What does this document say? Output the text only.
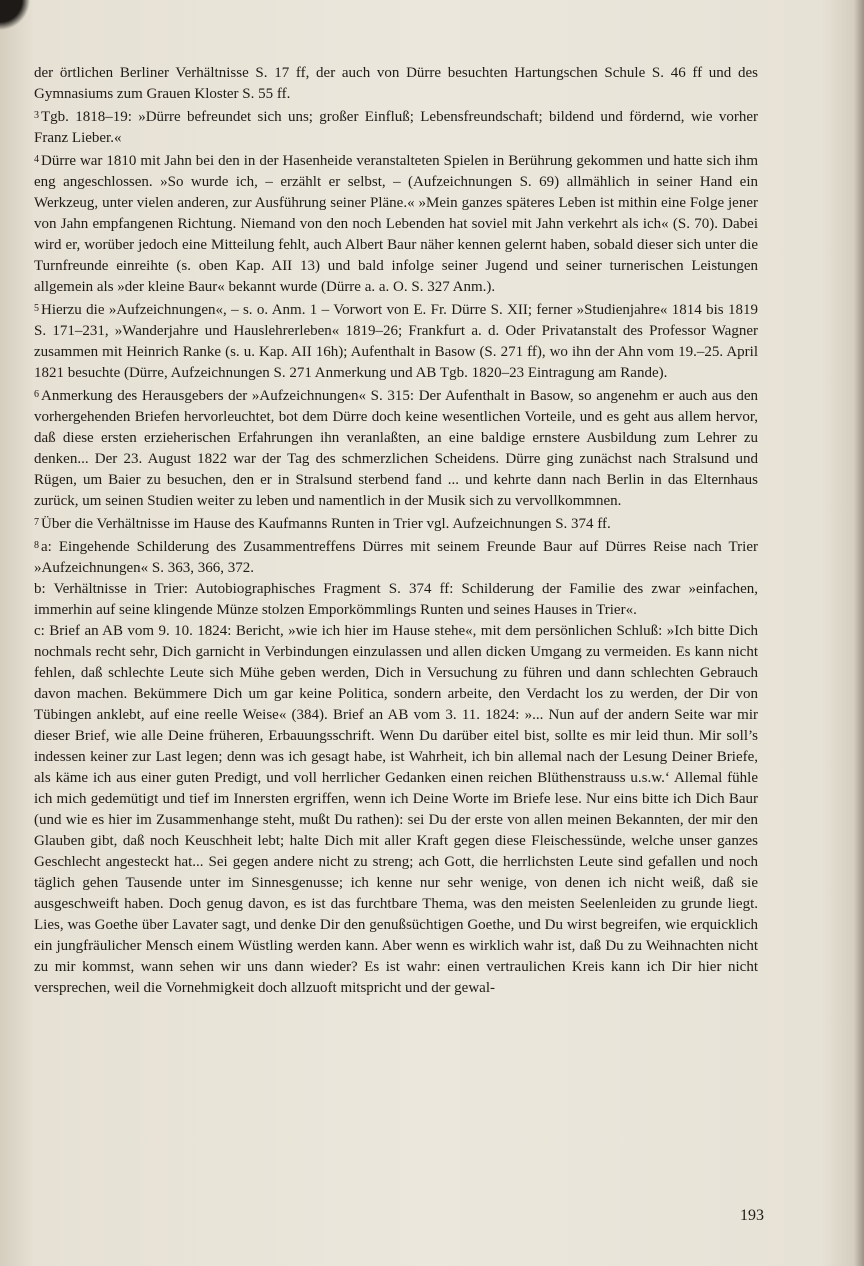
der örtlichen Berliner Verhältnisse S. 17 ff, der auch von Dürre besuchten Hartungschen Schule S. 46 ff und des Gymnasiums zum Grauen Kloster S. 55 ff.

$^3$ Tgb. 1818–19: »Dürre befreundet sich uns; großer Einfluß; Lebensfreundschaft; bildend und fördernd, wie vorher Franz Lieber.«

$^4$ Dürre war 1810 mit Jahn bei den in der Hasenheide veranstalteten Spielen in Berührung gekommen und hatte sich ihm eng angeschlossen. »So wurde ich, – erzählt er selbst, – (Aufzeichnungen S. 69) allmählich in seiner Hand ein Werkzeug, unter vielen anderen, zur Ausführung seiner Pläne.« »Mein ganzes späteres Leben ist mithin eine Folge jener von Jahn empfangenen Richtung. Niemand von den noch Lebenden hat soviel mit Jahn verkehrt als ich« (S. 70). Dabei wird er, worüber jedoch eine Mitteilung fehlt, auch Albert Baur näher kennen gelernt haben, sobald dieser sich unter die Turnfreunde einreihte (s. oben Kap. AII 13) und bald infolge seiner Jugend und seiner turnerischen Leistungen allgemein als »der kleine Baur« bekannt wurde (Dürre a. a. O. S. 327 Anm.).

$^5$ Hierzu die »Aufzeichnungen«, – s. o. Anm. 1 – Vorwort von E. Fr. Dürre S. XII; ferner »Studienjahre« 1814 bis 1819 S. 171–231, »Wanderjahre und Hauslehrerleben« 1819–26; Frankfurt a. d. Oder Privatanstalt des Professor Wagner zusammen mit Heinrich Ranke (s. u. Kap. AII 16h); Aufenthalt in Basow (S. 271 ff), wo ihn der Ahn vom 19.–25. April 1821 besuchte (Dürre, Aufzeichnungen S. 271 Anmerkung und AB Tgb. 1820–23 Eintragung am Rande).

$^6$ Anmerkung des Herausgebers der »Aufzeichnungen« S. 315: Der Aufenthalt in Basow, so angenehm er auch aus den vorhergehenden Briefen hervorleuchtet, bot dem Dürre doch keine wesentlichen Vorteile, und es geht aus allem hervor, daß diese ersten erzieherischen Erfahrungen ihn veranlaßten, an eine baldige ernstere Ausbildung zum Lehrer zu denken... Der 23. August 1822 war der Tag des schmerzlichen Scheidens. Dürre ging zunächst nach Stralsund und Rügen, um Baier zu besuchen, den er in Stralsund sterbend fand ... und kehrte dann nach Berlin in das Elternhaus zurück, um seinen Studien weiter zu leben und namentlich in der Musik sich zu vervollkommnen.

$^7$ Über die Verhältnisse im Hause des Kaufmanns Runten in Trier vgl. Aufzeichnungen S. 374 ff.

$^8$ a: Eingehende Schilderung des Zusammentreffens Dürres mit seinem Freunde Baur auf Dürres Reise nach Trier »Aufzeichnungen« S. 363, 366, 372.

b: Verhältnisse in Trier: Autobiographisches Fragment S. 374 ff: Schilderung der Familie des zwar »einfachen, immerhin auf seine klingende Münze stolzen Emporkömmlings Runten und seines Hauses in Trier«.

c: Brief an AB vom 9. 10. 1824: Bericht, »wie ich hier im Hause stehe«, mit dem persönlichen Schluß: »Ich bitte Dich nochmals recht sehr, Dich garnicht in Verbindungen einzulassen und allen dicken Umgang zu vermeiden. Es kann nicht fehlen, daß schlechte Leute sich Mühe geben werden, Dich in Versuchung zu führen und dann schlechten Gebrauch davon machen. Bekümmere Dich um gar keine Politica, sondern arbeite, den Verdacht los zu werden, der Dir von Tübingen anklebt, auf eine reelle Weise« (384). Brief an AB vom 3. 11. 1824: »... Nun auf der andern Seite war mir dieser Brief, wie alle Deine früheren, Erbauungsschrift. Wenn Du darüber eitel bist, sollte es mir leid thun. Mir soll’s indessen keiner zur Last legen; denn was ich gesagt habe, ist Wahrheit, ich bin allemal nach der Lesung Deiner Briefe, als käme ich aus einer guten Predigt, und voll herrlicher Gedanken einen reichen Blüthenstrauss u.s.w.‘ Allemal fühle ich mich gedemütigt und tief im Innersten ergriffen, wenn ich Deine Worte im Briefe lese. Nur eins bitte ich Dich Baur (und wie es hier im Zusammenhange steht, mußt Du rathen): sei Du der erste von allen meinen Bekannten, der mir den Glauben gibt, daß noch Keuschheit lebt; halte Dich mit aller Kraft gegen diese Fleischessünde, welche unser ganzes Geschlecht angesteckt hat... Sei gegen andere nicht zu streng; ach Gott, die herrlichsten Leute sind gefallen und noch täglich gehen Tausende unter im Sinnesgenusse; ich kenne nur sehr wenige, von denen ich nicht weiß, daß sie ausgeschweift haben. Doch genug davon, es ist das furchtbare Thema, was den meisten Seelenleiden zu grunde liegt. Lies, was Goethe über Lavater sagt, und denke Dir den genußsüchtigen Goethe, und Du wirst begreifen, wie erquicklich ein jungfräulicher Mensch einem Wüstling werden kann. Aber wenn es wirklich wahr ist, daß Du zu Weihnachten nicht zu mir kommst, wann sehen wir uns dann wieder? Es ist wahr: einen vertraulichen Kreis kann ich Dir hier nicht versprechen, weil die Vornehmigkeit doch allzuoft mitspricht und der gewal-

193
